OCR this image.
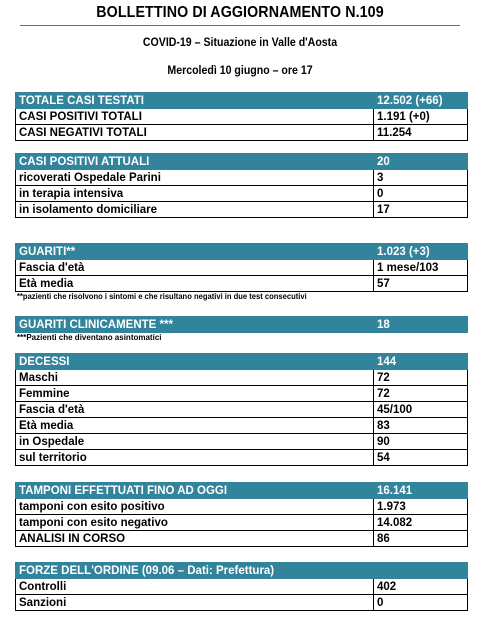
BOLLETTINO DI AGGIORNAMENTO N.109
COVID-19 – Situazione in Valle d'Aosta
Mercoledì 10 giugno – ore 17
TOTALE CASI TESTATI	12.502 (+66)
CASI POSITIVI TOTALI	1.191 (+0)
CASI NEGATIVI TOTALI	11.254
CASI POSITIVI ATTUALI	20
ricoverati Ospedale Parini	3
in terapia intensiva	0
in isolamento domiciliare	17
GUARITI**	1.023 (+3)
Fascia d'età	1 mese/103
Età media	57
**pazienti che risolvono i sintomi e che risultano negativi in due test consecutivi
GUARITI CLINICAMENTE ***	18
***Pazienti che diventano asintomatici
DECESSI	144
Maschi	72
Femmine	72
Fascia d'età	45/100
Età media	83
in Ospedale	90
sul territorio	54
TAMPONI EFFETTUATI FINO AD OGGI	16.141
tamponi con esito positivo	1.973
tamponi con esito negativo	14.082
ANALISI IN CORSO	86
FORZE DELL'ORDINE (09.06 – Dati: Prefettura)	
Controlli	402
Sanzioni	0
